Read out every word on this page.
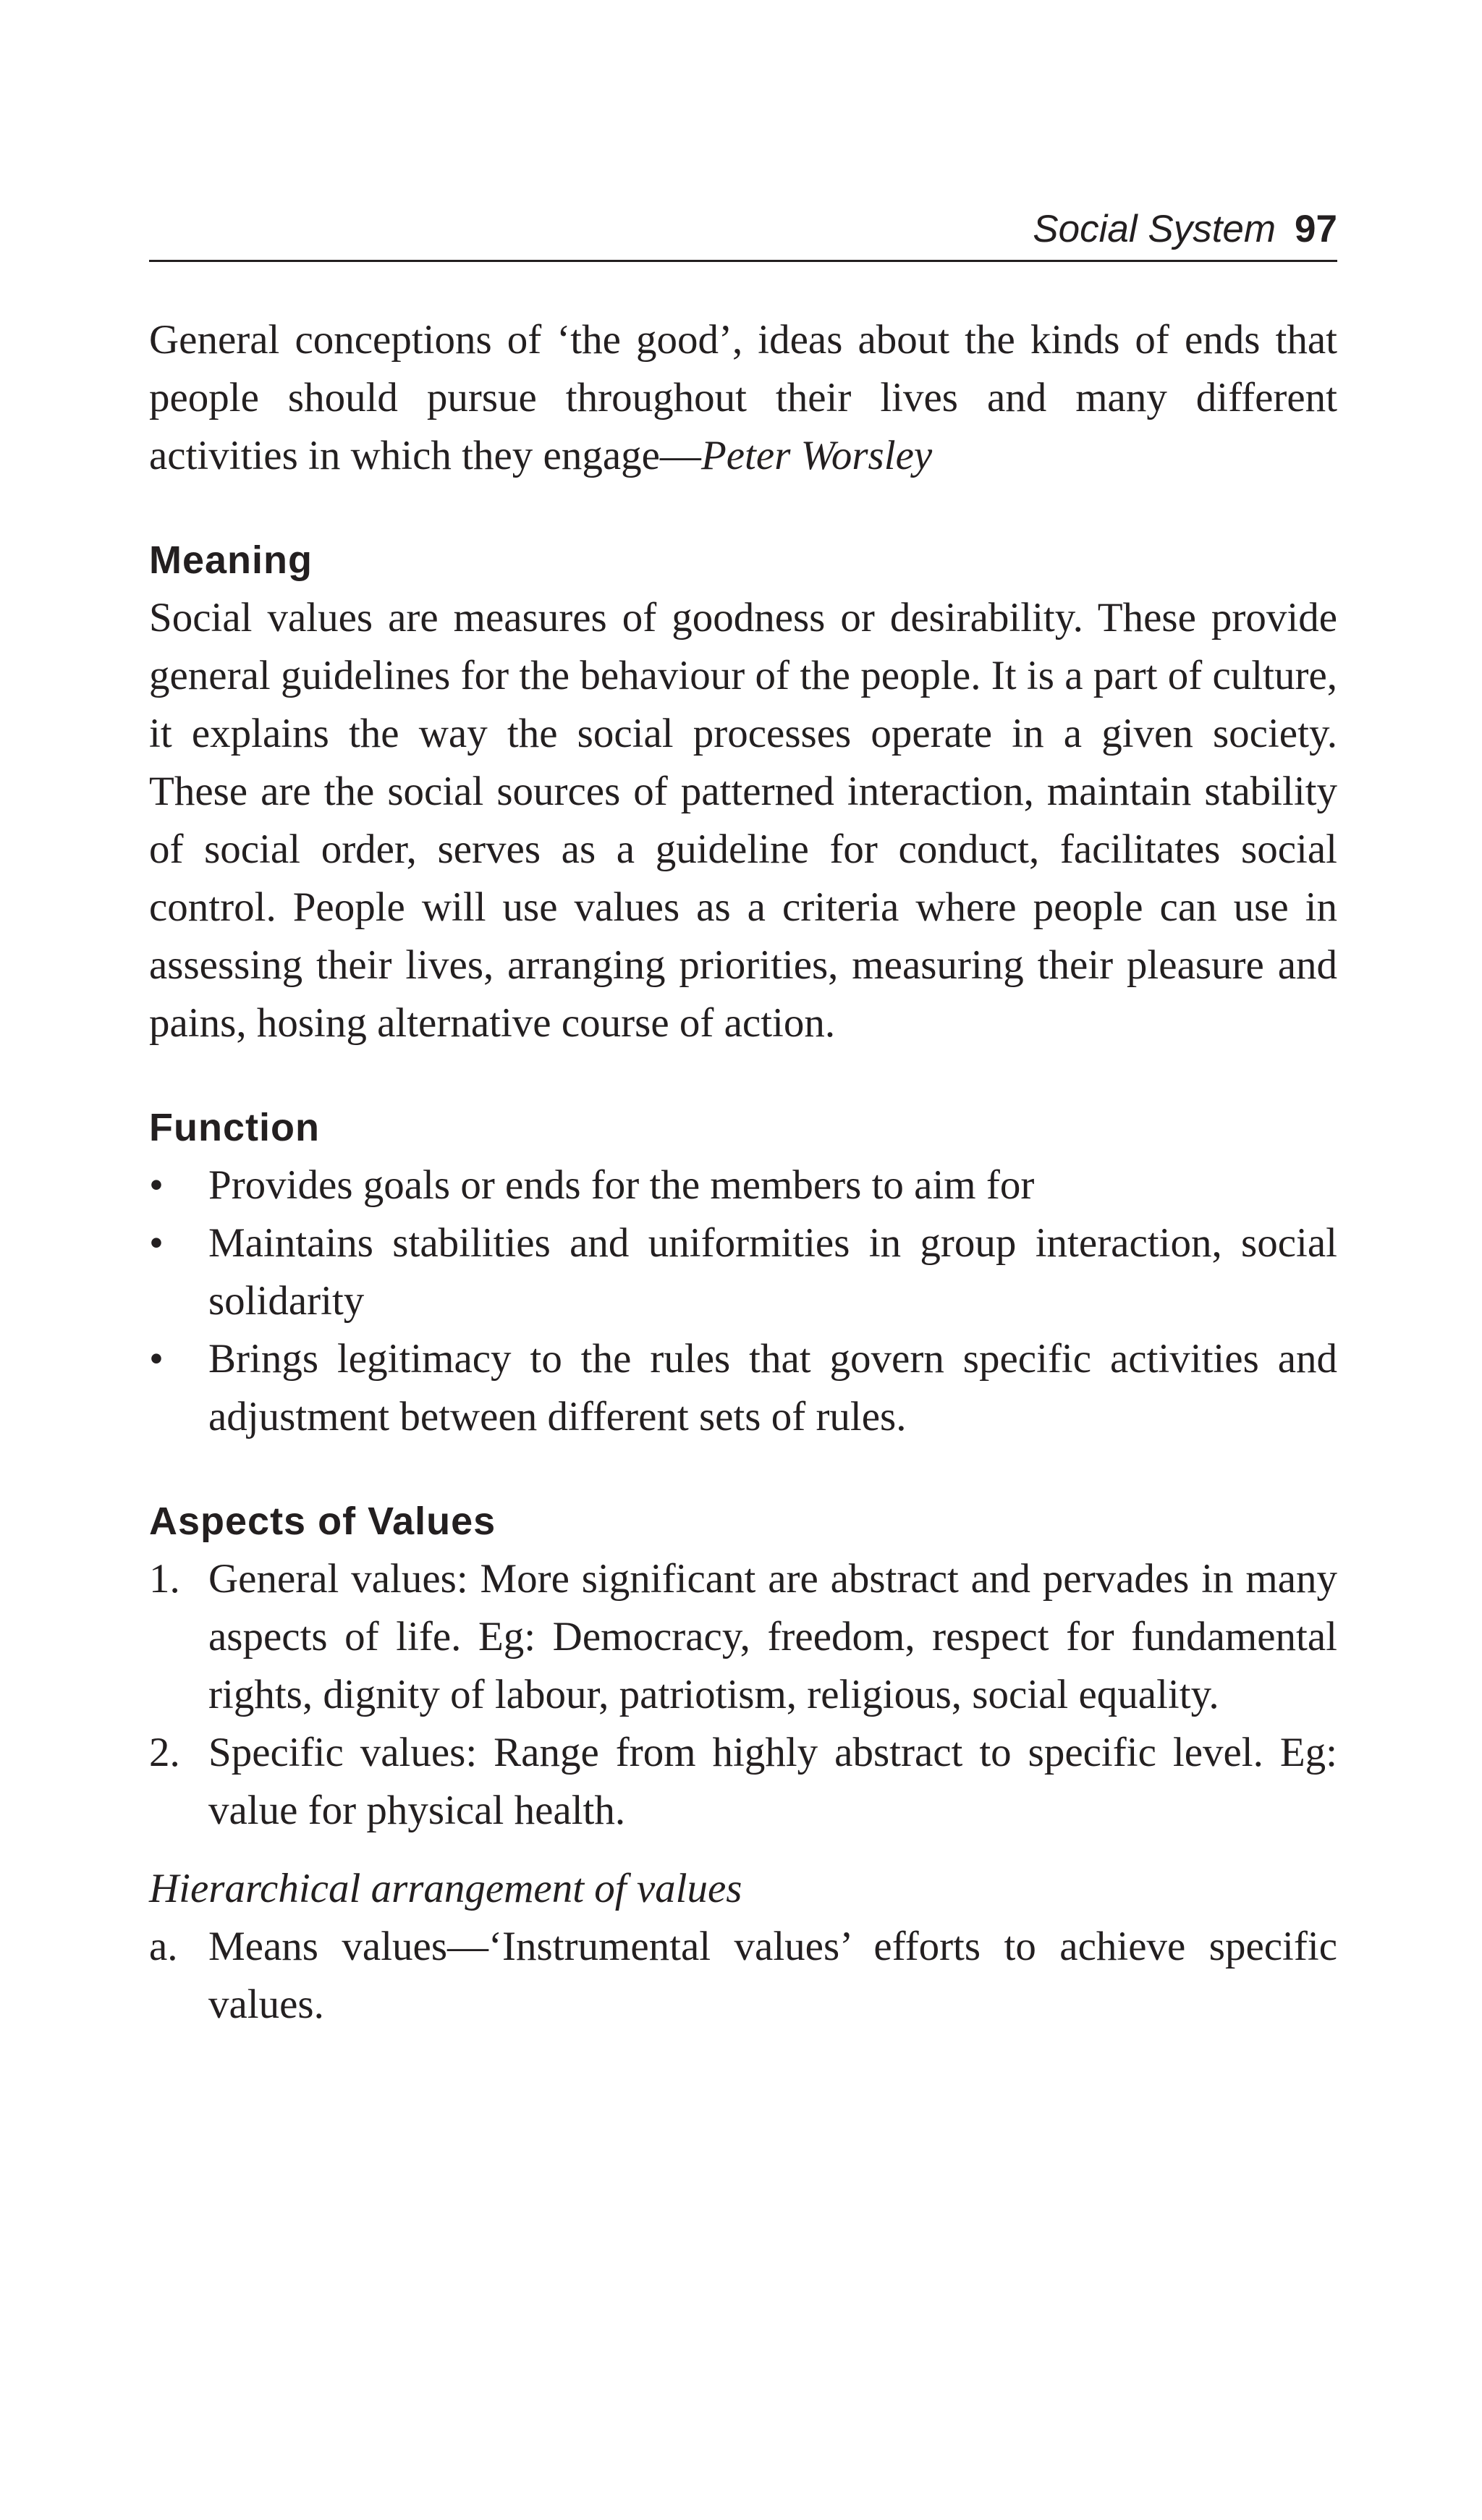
Social System 97

General conceptions of ‘the good’, ideas about the kinds of ends that people should pursue throughout their lives and many different activities in which they engage—Peter Worsley

Meaning

Social values are measures of goodness or desirability. These provide general guidelines for the behaviour of the people. It is a part of culture, it explains the way the social processes operate in a given society. These are the social sources of patterned interaction, maintain stability of social order, serves as a guideline for conduct, facilitates social control. People will use values as a criteria where people can use in assessing their lives, arranging priorities, measuring their pleasure and pains, hosing alternative course of action.

Function
•	Provides goals or ends for the members to aim for
•	Maintains stabilities and uniformities in group interaction, social solidarity
•	Brings legitimacy to the rules that govern specific activities and adjustment between different sets of rules.
Aspects of Values
1. General values: More significant are abstract and pervades in many aspects of life. Eg: Democracy, freedom, respect for fundamental rights, dignity of labour, patriotism, religious, social equality.
2. Specific values: Range from highly abstract to specific level. Eg: value for physical health.

Hierarchical arrangement of values

a. Means values—‘Instrumental values’ efforts to achieve specific values.
